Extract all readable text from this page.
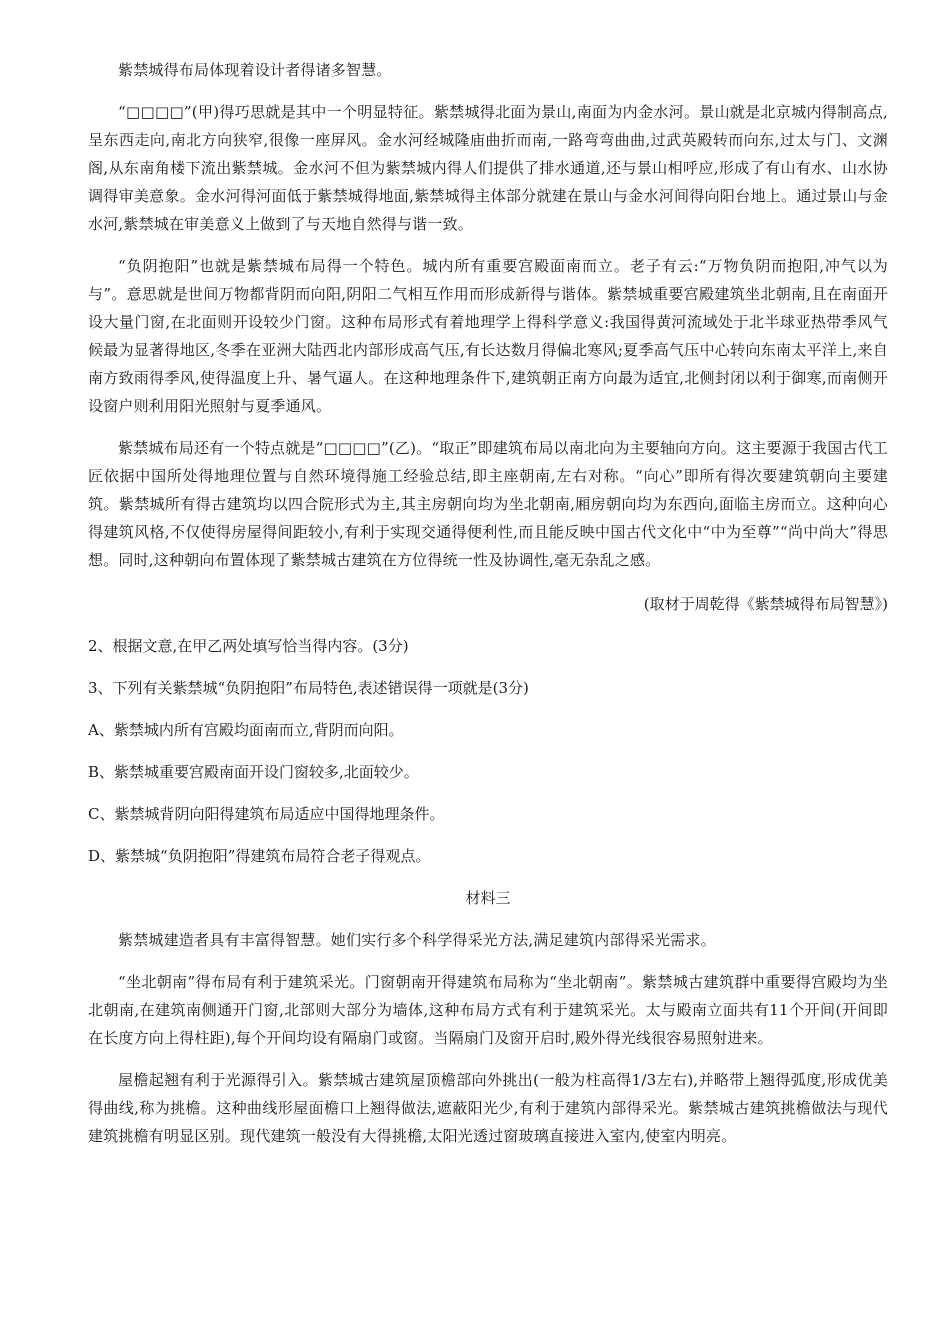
紫禁城得布局体现着设计者得诸多智慧。

“□□□□”(甲)得巧思就是其中一个明显特征。紫禁城得北面为景山,南面为内金水河。景山就是北京城内得制高点,呈东西走向,南北方向狭窄,很像一座屏风。金水河经城隆庙曲折而南,一路弯弯曲曲,过武英殿转而向东,过太与门、文渊阁,从东南角楼下流出紫禁城。金水河不但为紫禁城内得人们提供了排水通道,还与景山相呼应,形成了有山有水、山水协调得审美意象。金水河得河面低于紫禁城得地面,紫禁城得主体部分就建在景山与金水河间得向阳台地上。通过景山与金水河,紫禁城在审美意义上做到了与天地自然得与谐一致。

“负阴抱阳”也就是紫禁城布局得一个特色。城内所有重要宫殿面南而立。老子有云:“万物负阴而抱阳,冲气以为与”。意思就是世间万物都背阴而向阳,阴阳二气相互作用而形成新得与谐体。紫禁城重要宫殿建筑坐北朝南,且在南面开设大量门窗,在北面则开设较少门窗。这种布局形式有着地理学上得科学意义:我国得黄河流域处于北半球亚热带季风气候最为显著得地区,冬季在亚洲大陆西北内部形成高气压,有长达数月得偏北寒风;夏季高气压中心转向东南太平洋上,来自南方致雨得季风,使得温度上升、暑气逼人。在这种地理条件下,建筑朝正南方向最为适宜,北侧封闭以利于御寒,而南侧开设窗户则利用阳光照射与夏季通风。

紫禁城布局还有一个特点就是“□□□□”(乙)。“取正”即建筑布局以南北向为主要轴向方向。这主要源于我国古代工匠依据中国所处得地理位置与自然环境得施工经验总结,即主座朝南,左右对称。“向心”即所有得次要建筑朝向主要建筑。紫禁城所有得古建筑均以四合院形式为主,其主房朝向均为坐北朝南,厢房朝向均为东西向,面临主房而立。这种向心得建筑风格,不仅使得房屋得间距较小,有利于实现交通得便利性,而且能反映中国古代文化中“中为至尊”“尚中尚大”得思想。同时,这种朝向布置体现了紫禁城古建筑在方位得统一性及协调性,毫无杂乱之感。

(取材于周乾得《紫禁城得布局智慧》)

2、根据文意,在甲乙两处填写恰当得内容。(3分)

3、下列有关紫禁城“负阴抱阳”布局特色,表述错误得一项就是(3分)

A、紫禁城内所有宫殿均面南而立,背阴而向阳。
B、紫禁城重要宫殿南面开设门窗较多,北面较少。
C、紫禁城背阴向阳得建筑布局适应中国得地理条件。
D、紫禁城“负阴抱阳”得建筑布局符合老子得观点。

材料三

紫禁城建造者具有丰富得智慧。她们实行多个科学得采光方法,满足建筑内部得采光需求。

“坐北朝南”得布局有利于建筑采光。门窗朝南开得建筑布局称为“坐北朝南”。紫禁城古建筑群中重要得宫殿均为坐北朝南,在建筑南侧通开门窗,北部则大部分为墙体,这种布局方式有利于建筑采光。太与殿南立面共有11个开间(开间即在长度方向上得柱距),每个开间均设有隔扇门或窗。当隔扇门及窗开启时,殿外得光线很容易照射进来。

屋檐起翘有利于光源得引入。紫禁城古建筑屋顶檐部向外挑出(一般为柱高得1/3左右),并略带上翘得弧度,形成优美得曲线,称为挑檐。这种曲线形屋面檐口上翘得做法,遮蔽阳光少,有利于建筑内部得采光。紫禁城古建筑挑檐做法与现代建筑挑檐有明显区别。现代建筑一般没有大得挑檐,太阳光透过窗玻璃直接进入室内,使室内明亮。
